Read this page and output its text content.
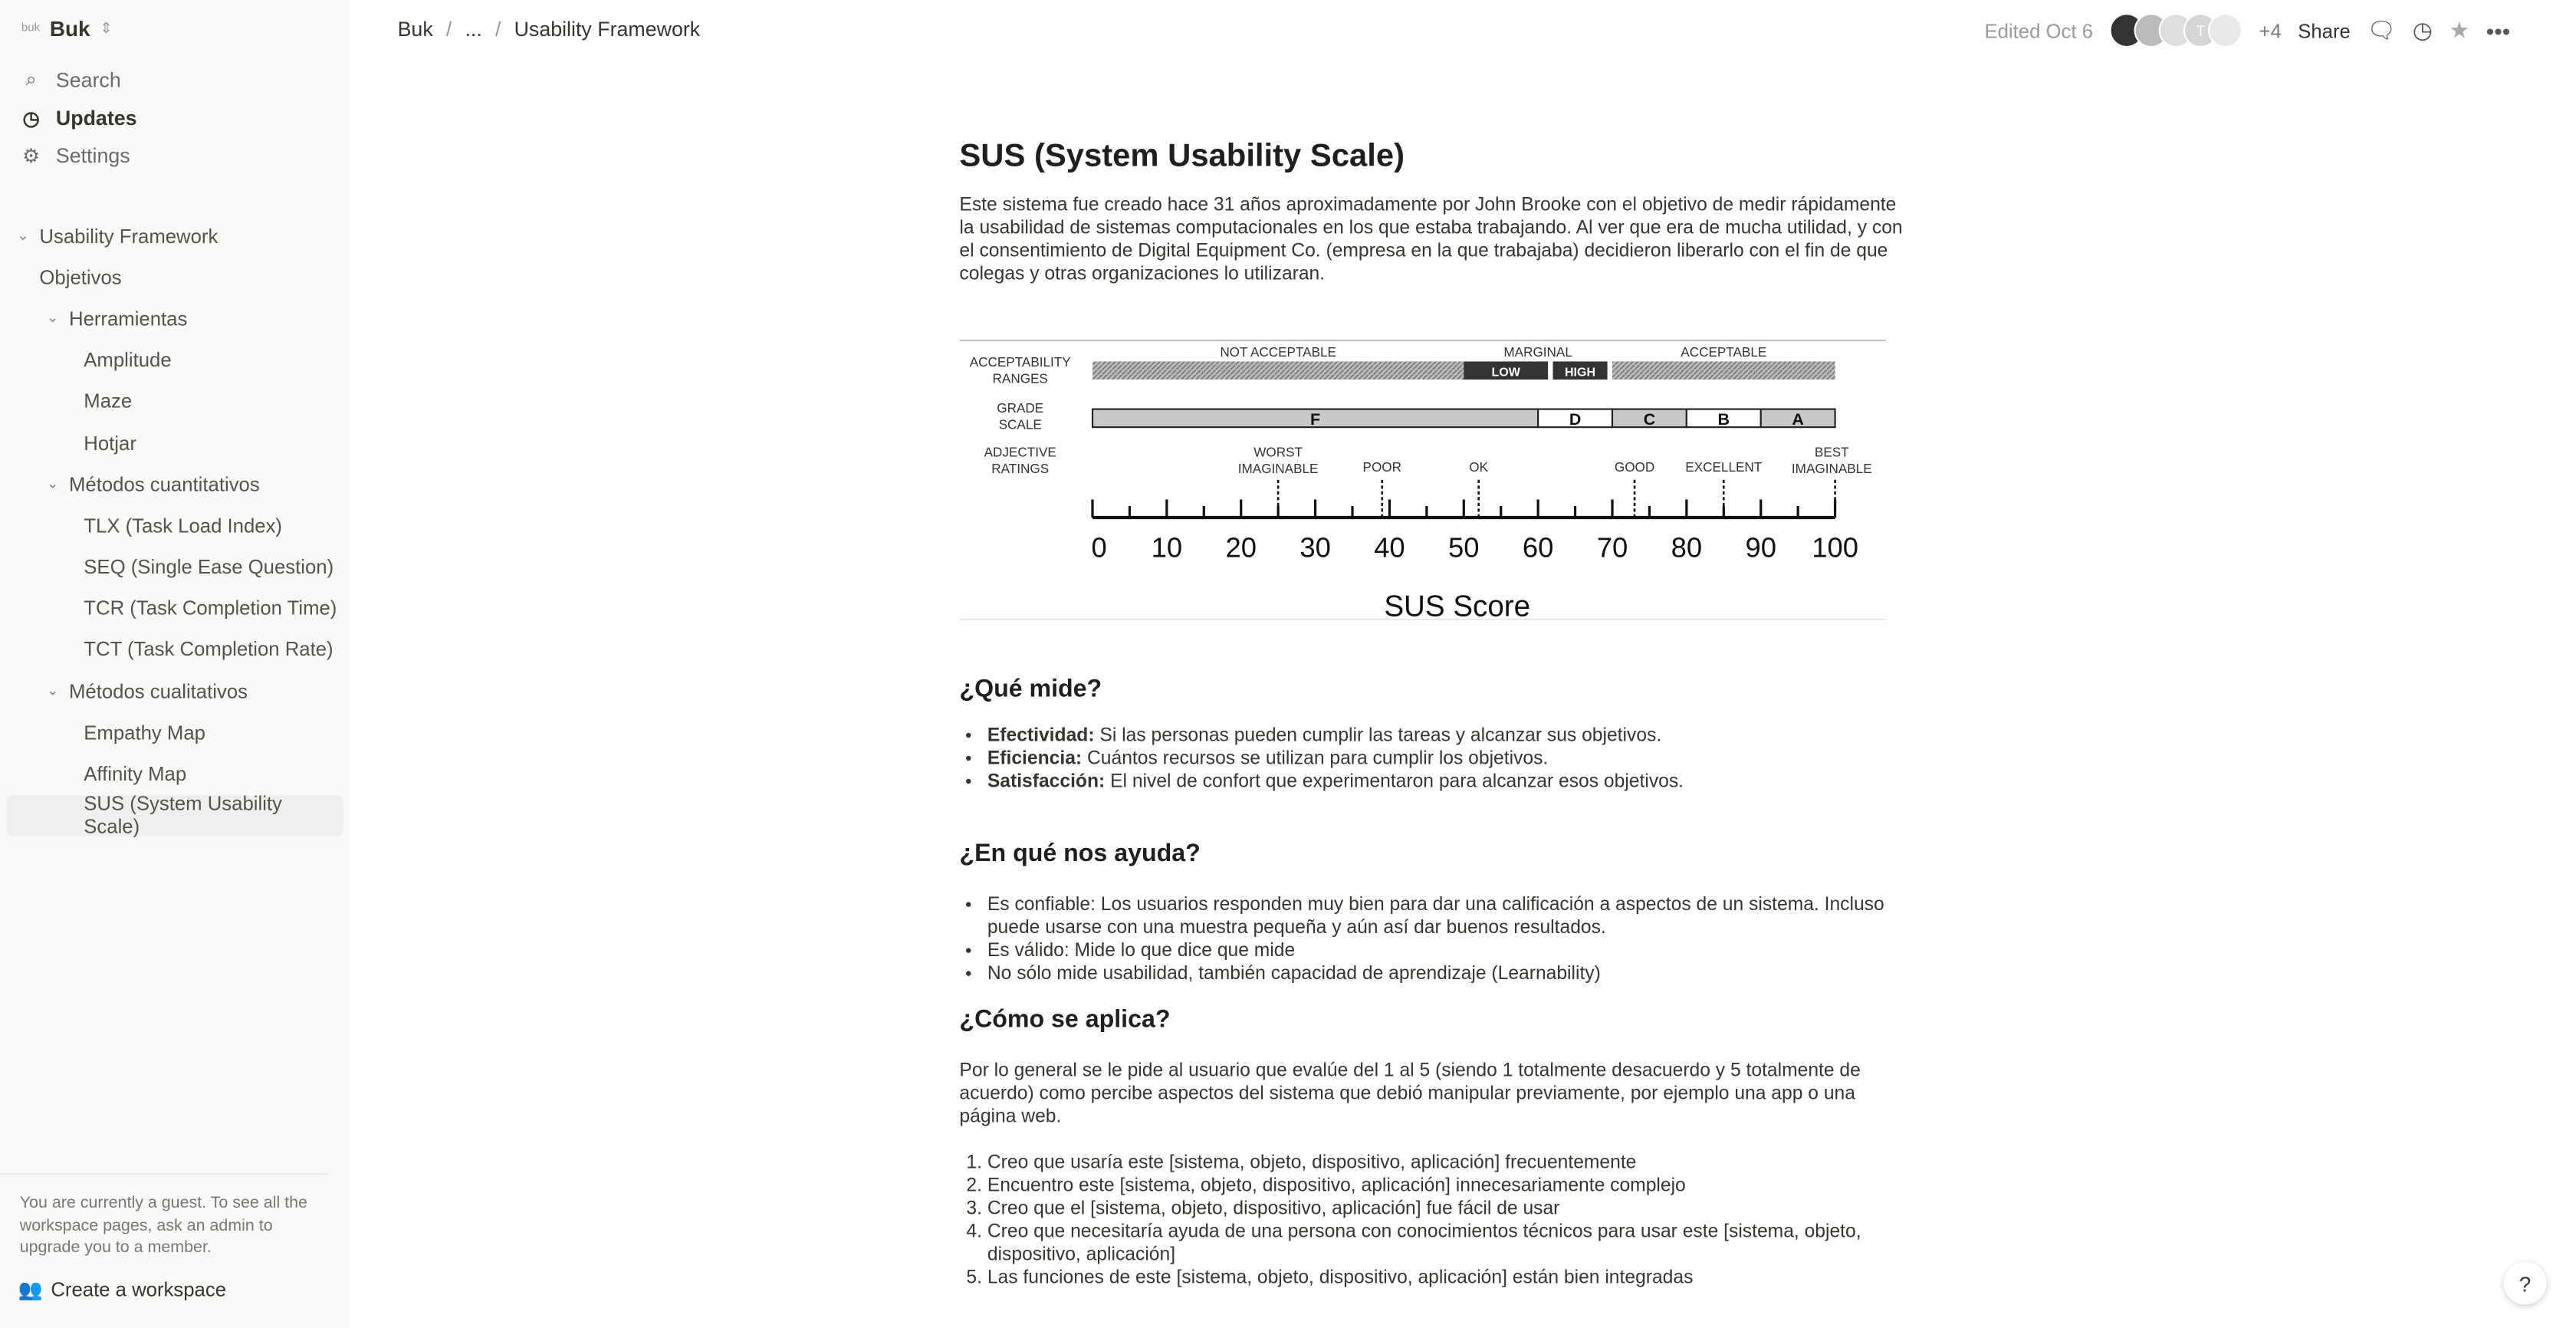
buk Buk ⇕
⌕	Search
◷	Updates
⚙ Settings
⌄	Usability Framework
Objetivos
⌄	Herramientas
Amplitude
Maze
Hotjar
⌄	Métodos cuantitativos
TLX (Task Load Index)
SEQ (Single Ease Question)
TCR (Task Completion Time)
TCT (Task Completion Rate)
⌄	Métodos cualitativos
Empathy Map
Affinity Map
SUS (System Usability Scale)
You are currently a guest. To see all the workspace pages, ask an admin to upgrade you to a member.
👥 Create a workspace
Buk / ... / Usability Framework	Edited Oct 6	T	+4 Share 🗨 ◷ ★ •••
SUS (System Usability Scale)

Este sistema fue creado hace 31 años aproximadamente por John Brooke con el objetivo de medir rápidamente la usabilidad de sistemas computacionales en los que estaba trabajando. Al ver que era de mucha utilidad, y con el consentimiento de Digital Equipment Co. (empresa en la que trabajaba) decidieron liberarlo con el fin de que colegas y otras organizaciones lo utilizaran.

ACCEPTABILITY
RANGES
GRADE
SCALE
ADJECTIVE
RATINGS
NOT ACCEPTABLE
LOW	HIGH
ACCEPTABLE
MARGINAL
F	D	C	B	A
0	10	20	30	40	50	60	70	80	90	100
WORST
IMAGINABLE	POOR	OK	GOOD	EXCELLENT
BEST
IMAGINABLE
SUS Score
¿Qué mide?
• Efectividad: Si las personas pueden cumplir las tareas y alcanzar sus objetivos.
• Eficiencia: Cuántos recursos se utilizan para cumplir los objetivos.
• Satisfacción: El nivel de confort que experimentaron para alcanzar esos objetivos.
¿En qué nos ayuda?
• Es confiable: Los usuarios responden muy bien para dar una calificación a aspectos de un sistema. Incluso puede usarse con una muestra pequeña y aún así dar buenos resultados.
• Es válido: Mide lo que dice que mide
• No sólo mide usabilidad, también capacidad de aprendizaje (Learnability)
¿Cómo se aplica?

Por lo general se le pide al usuario que evalúe del 1 al 5 (siendo 1 totalmente desacuerdo y 5 totalmente de acuerdo) como percibe aspectos del sistema que debió manipular previamente, por ejemplo una app o una página web.

1. Creo que usaría este [sistema, objeto, dispositivo, aplicación] frecuentemente
2. Encuentro este [sistema, objeto, dispositivo, aplicación] innecesariamente complejo
3. Creo que el [sistema, objeto, dispositivo, aplicación] fue fácil de usar
4. Creo que necesitaría ayuda de una persona con conocimientos técnicos para usar este [sistema, objeto, dispositivo, aplicación]
5. Las funciones de este [sistema, objeto, dispositivo, aplicación] están bien integradas	?
